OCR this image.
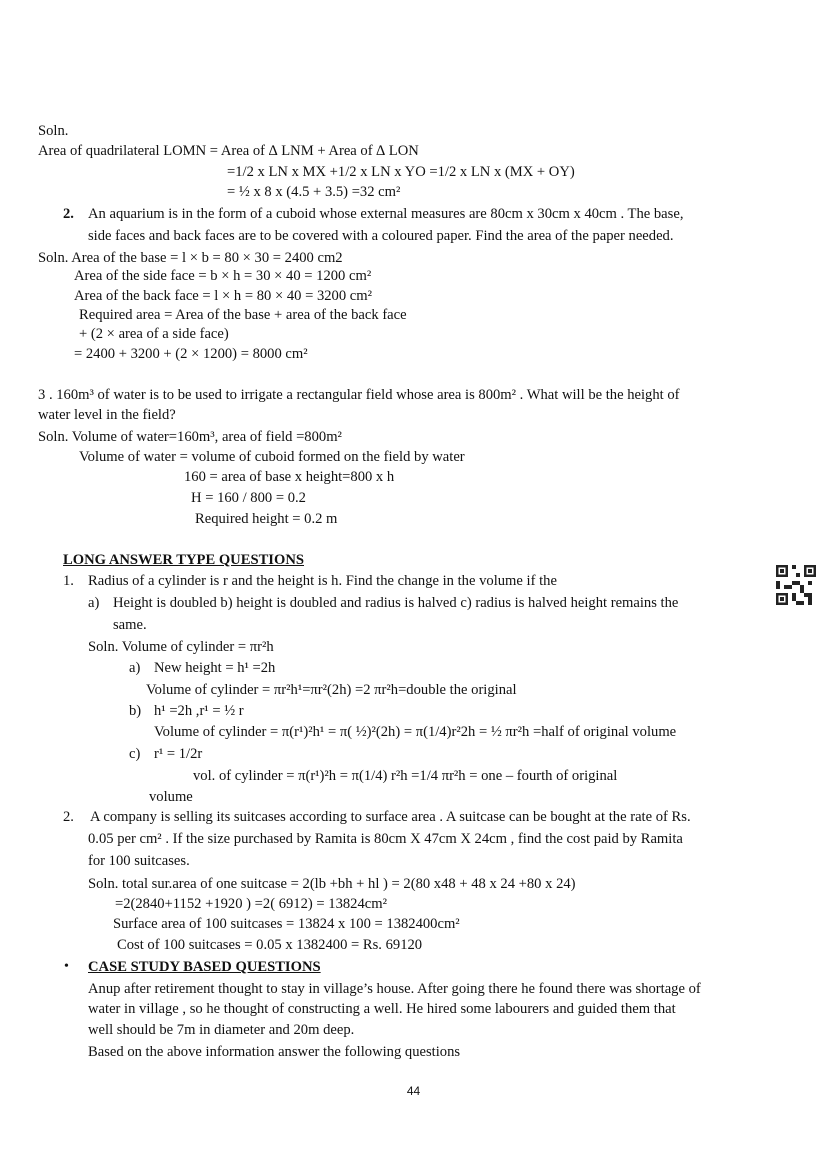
Soln.
Area of quadrilateral LOMN = Area of ∆ LNM + Area of ∆ LON
=1/2 x LN x MX +1/2 x LN x YO =1/2 x LN x (MX + OY)
= ½ x 8 x (4.5 + 3.5) =32 cm²
2. An aquarium is in the form of a cuboid whose external measures are 80cm x 30cm x 40cm . The base,
side faces and back faces are to be covered with a coloured paper. Find the area of the paper needed.
Soln. Area of the base = l × b = 80 × 30 = 2400 cm2
Area of the side face = b × h = 30 × 40 = 1200 cm²
Area of the back face = l × h = 80 × 40 = 3200 cm²
Required area = Area of the base + area of the back face
+ (2 × area of a side face)
= 2400 + 3200 + (2 × 1200) = 8000 cm²
3 . 160m³ of water is to be used to irrigate a rectangular field whose area is 800m² . What will be the height of
water level in the field?
Soln. Volume of water=160m³, area of field =800m²
Volume of water = volume of cuboid formed on the field by water
160 = area of base x height=800 x h
H = 160 / 800 = 0.2
Required height = 0.2 m
LONG ANSWER TYPE QUESTIONS
1. Radius of a cylinder is r and the height is h. Find the change in the volume if the
a) Height is doubled b) height is doubled and radius is halved c) radius is halved height remains the
same.
Soln. Volume of cylinder = πr²h
a) New height = h¹ =2h
Volume of cylinder = πr²h¹=πr²(2h) =2 πr²h=double the original
b) h¹ =2h ,r¹ = ½ r
Volume of cylinder = π(r¹)²h¹ = π( ½)²(2h) = π(1/4)r²2h = ½ πr²h =half of original volume
c) r¹ = 1/2r
vol. of cylinder = π(r¹)²h = π(1/4) r²h =1/4 πr²h = one – fourth of original
volume
2. A company is selling its suitcases according to surface area . A suitcase can be bought at the rate of Rs.
0.05 per cm² . If the size purchased by Ramita is 80cm X 47cm X 24cm , find the cost paid by Ramita
for 100 suitcases.
Soln. total sur.area of one suitcase = 2(lb +bh + hl ) = 2(80 x48 + 48 x 24 +80 x 24)
=2(2840+1152 +1920 ) =2( 6912) = 13824cm²
Surface area of 100 suitcases = 13824 x 100 = 1382400cm²
Cost of 100 suitcases = 0.05 x 1382400 = Rs. 69120
• CASE STUDY BASED QUESTIONS
Anup after retirement thought to stay in village’s house. After going there he found there was shortage of
water in village , so he thought of constructing a well. He hired some labourers and guided them that
well should be 7m in diameter and 20m deep.
Based on the above information answer the following questions
44
